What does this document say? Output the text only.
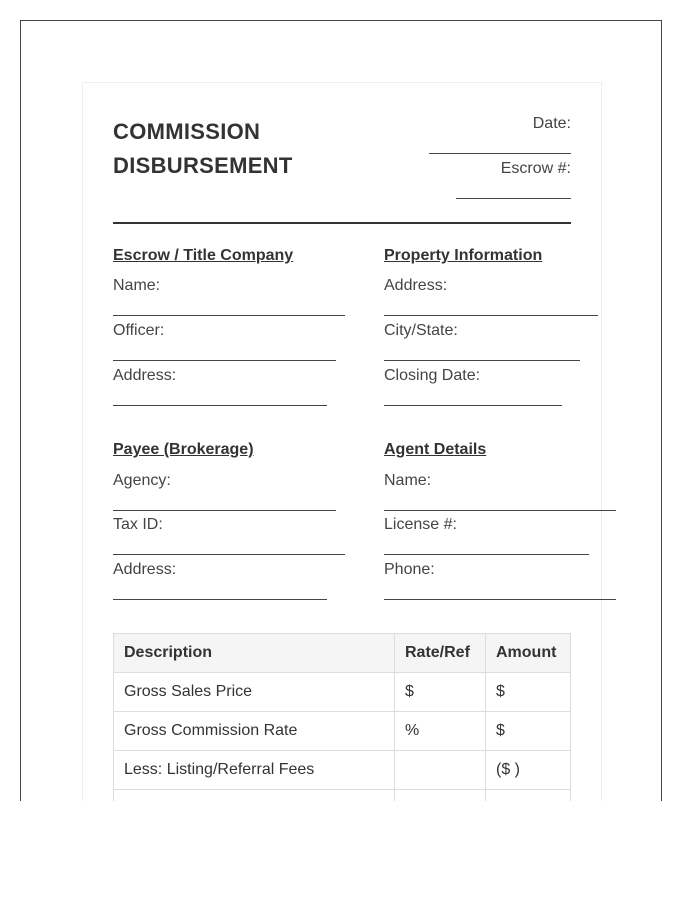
COMMISSION
DISBURSEMENT
Date:
Escrow #:
Escrow / Title Company
Name:
Officer:
Address:
Property Information
Address:
City/State:
Closing Date:
Payee (Brokerage)
Agency:
Tax ID:
Address:
Agent Details
Name:
License #:
Phone:
Description	Rate/Ref	Amount
Gross Sales Price	$	$
Gross Commission Rate	%	$
Less: Listing/Referral Fees		($ )
